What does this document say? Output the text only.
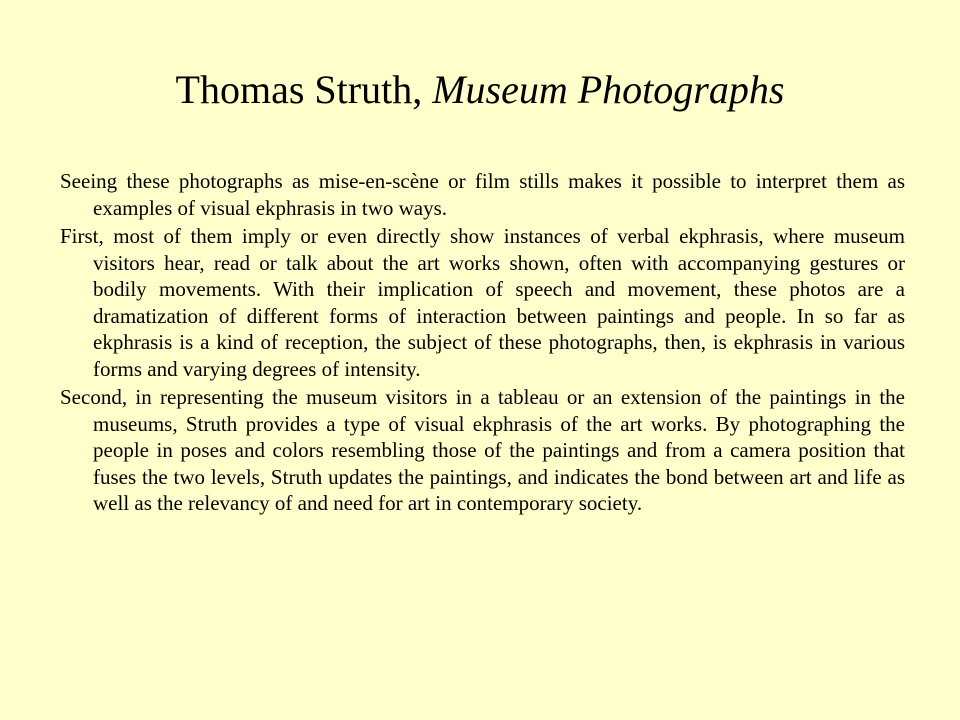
Thomas Struth, Museum Photographs

Seeing these photographs as mise-en-scène or film stills makes it possible to interpret them as examples of visual ekphrasis in two ways.

First, most of them imply or even directly show instances of verbal ekphrasis, where museum visitors hear, read or talk about the art works shown, often with accompanying gestures or bodily movements. With their implication of speech and movement, these photos are a dramatization of different forms of interaction between paintings and people. In so far as ekphrasis is a kind of reception, the subject of these photographs, then, is ekphrasis in various forms and varying degrees of intensity.

Second, in representing the museum visitors in a tableau or an extension of the paintings in the museums, Struth provides a type of visual ekphrasis of the art works. By photographing the people in poses and colors resembling those of the paintings and from a camera position that fuses the two levels, Struth updates the paintings, and indicates the bond between art and life as well as the relevancy of and need for art in contemporary society.
